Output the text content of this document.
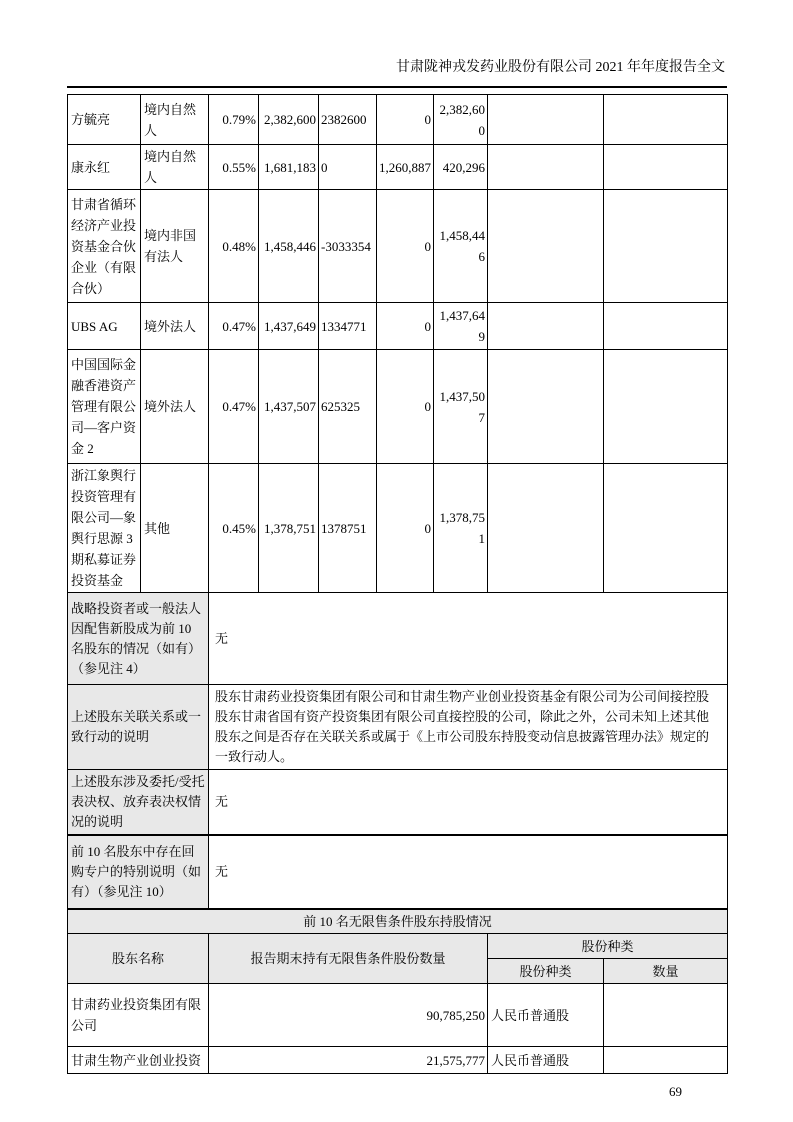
甘肃陇神戎发药业股份有限公司 2021 年年度报告全文
方毓亮	境内自然人	0.79%	2,382,600	2382600	0	2,382,600		
康永红	境内自然人	0.55%	1,681,183	0	1,260,887	420,296		
甘肃省循环经济产业投资基金合伙企业（有限合伙）	境内非国有法人	0.48%	1,458,446	-3033354	0	1,458,446		
UBS AG	境外法人	0.47%	1,437,649	1334771	0	1,437,649		
中国国际金融香港资产管理有限公司—客户资金 2	境外法人	0.47%	1,437,507	625325	0	1,437,507		
浙江象舆行投资管理有限公司—象舆行思源 3 期私募证券投资基金	其他	0.45%	1,378,751	1378751	0	1,378,751		
战略投资者或一般法人因配售新股成为前 10 名股东的情况（如有）（参见注 4）		无						
上述股东关联关系或一致行动的说明		股东甘肃药业投资集团有限公司和甘肃生物产业创业投资基金有限公司为公司间接控股股东甘肃省国有资产投资集团有限公司直接控股的公司，除此之外，公司未知上述其他股东之间是否存在关联关系或属于《上市公司股东持股变动信息披露管理办法》规定的一致行动人。						
上述股东涉及委托/受托表决权、放弃表决权情况的说明		无						
前 10 名股东中存在回购专户的特别说明（如有）（参见注 10）		无						
前 10 名无限售条件股东持股情况								
股东名称		报告期末持有无限售条件股份数量					股份种类	
							股份种类	数量
甘肃药业投资集团有限公司		90,785,250					人民币普通股	
甘肃生物产业创业投资		21,575,777					人民币普通股	
69
